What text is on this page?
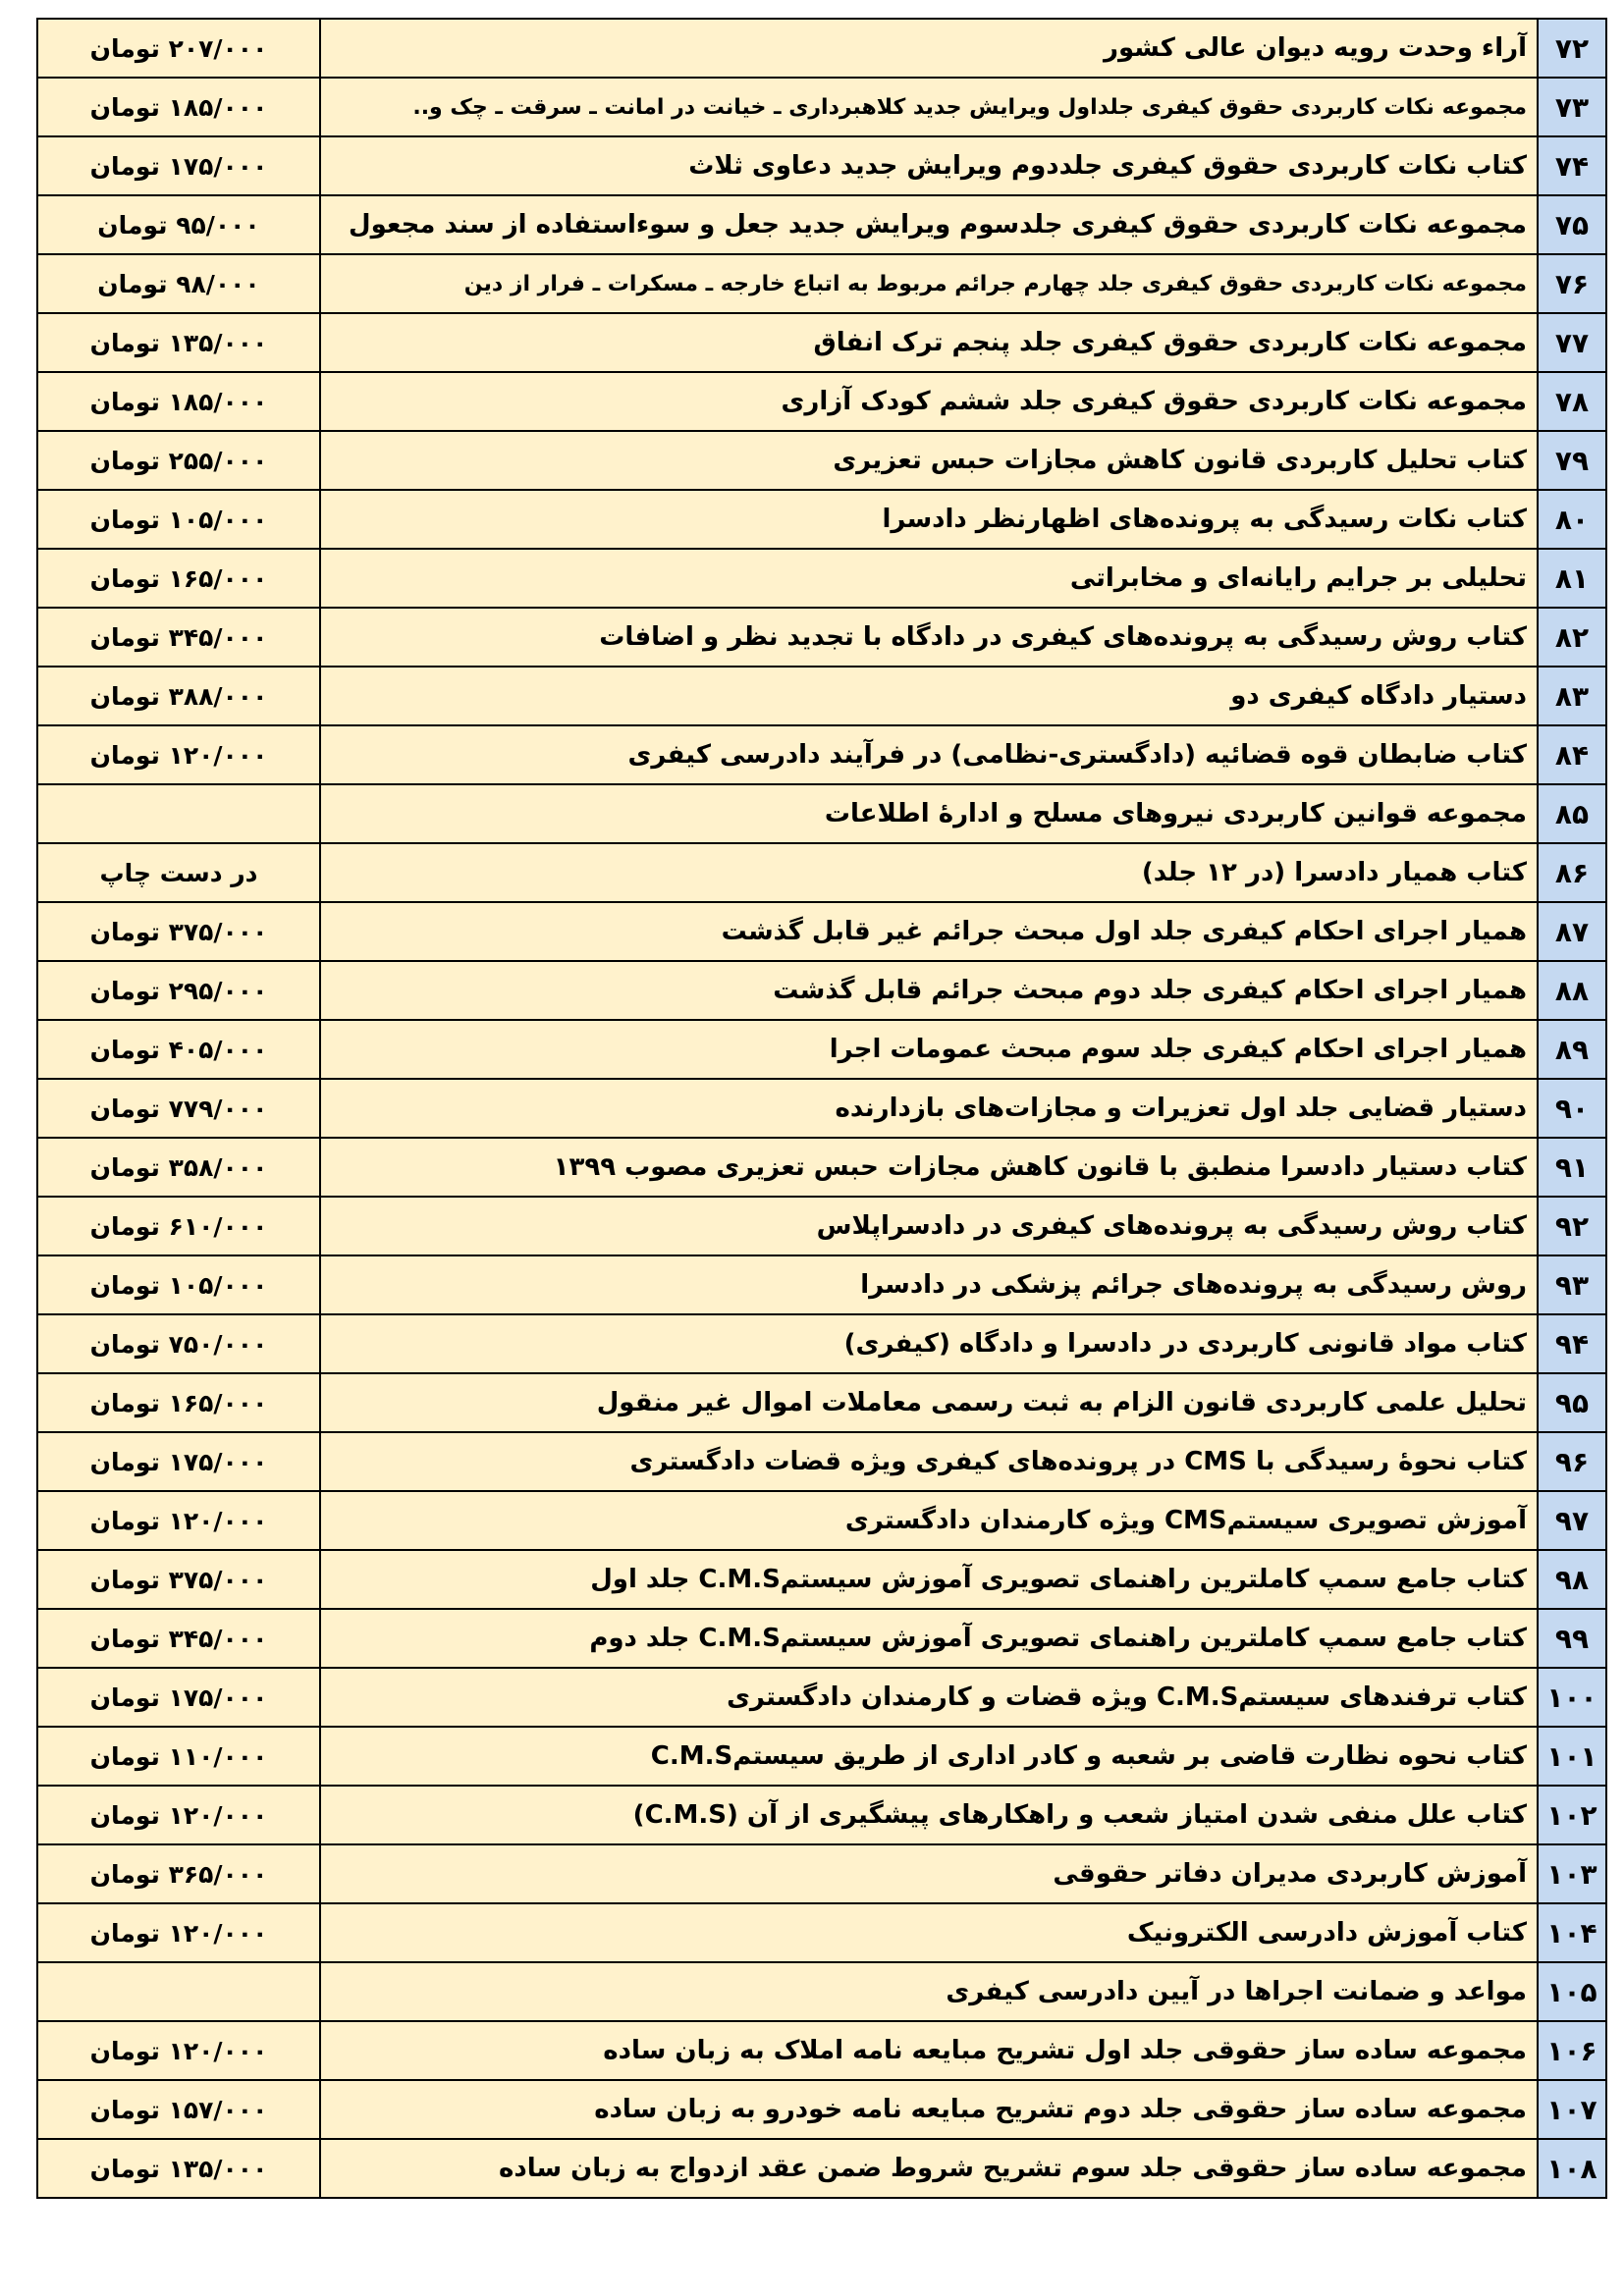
۷۲	آراء وحدت رویه دیوان عالی کشور	۲۰۷/۰۰۰ تومان
۷۳	مجموعه نکات کاربردی حقوق کیفری جلداول ویرایش جدید کلاهبرداری ـ خیانت در امانت ـ سرقت ـ چک و..	۱۸۵/۰۰۰ تومان
۷۴	کتاب نکات کاربردی حقوق کیفری جلددوم ویرایش جدید دعاوی ثلاث	۱۷۵/۰۰۰ تومان
۷۵	مجموعه نکات کاربردی حقوق کیفری جلدسوم ویرایش جدید جعل و سوءاستفاده از سند مجعول	۹۵/۰۰۰ تومان
۷۶	مجموعه نکات کاربردی حقوق کیفری جلد چهارم جرائم مربوط به اتباع خارجه ـ مسکرات ـ فرار از دین	۹۸/۰۰۰ تومان
۷۷	مجموعه نکات کاربردی حقوق کیفری جلد پنجم ترک انفاق	۱۳۵/۰۰۰ تومان
۷۸	مجموعه نکات کاربردی حقوق کیفری جلد ششم کودک آزاری	۱۸۵/۰۰۰ تومان
۷۹	کتاب تحلیل کاربردی قانون کاهش مجازات حبس تعزیری	۲۵۵/۰۰۰ تومان
۸۰	کتاب نکات رسیدگی به پرونده‌های اظهارنظر دادسرا	۱۰۵/۰۰۰ تومان
۸۱	تحلیلی بر جرایم رایانه‌ای و مخابراتی	۱۶۵/۰۰۰ تومان
۸۲	کتاب روش رسیدگی به پرونده‌های کیفری در دادگاه با تجدید نظر و اضافات	۳۴۵/۰۰۰ تومان
۸۳	دستیار دادگاه کیفری دو	۳۸۸/۰۰۰ تومان
۸۴	کتاب ضابطان قوه قضائیه (دادگستری-نظامی) در فرآیند دادرسی کیفری	۱۲۰/۰۰۰ تومان
۸۵	مجموعه قوانین کاربردی نیروهای مسلح و ادارۀ اطلاعات	
۸۶	کتاب همیار دادسرا (در ۱۲ جلد)	در دست چاپ
۸۷	همیار اجرای احکام کیفری جلد اول مبحث جرائم غیر قابل گذشت	۳۷۵/۰۰۰ تومان
۸۸	همیار اجرای احکام کیفری جلد دوم مبحث جرائم قابل گذشت	۲۹۵/۰۰۰ تومان
۸۹	همیار اجرای احکام کیفری جلد سوم مبحث عمومات اجرا	۴۰۵/۰۰۰ تومان
۹۰	دستیار قضایی جلد اول تعزیرات و مجازات‌های بازدارنده	۷۷۹/۰۰۰ تومان
۹۱	کتاب دستیار دادسرا منطبق با قانون کاهش مجازات حبس تعزیری مصوب ۱۳۹۹	۳۵۸/۰۰۰ تومان
۹۲	کتاب روش رسیدگی به پرونده‌های کیفری در دادسراپلاس	۶۱۰/۰۰۰ تومان
۹۳	روش رسیدگی به پرونده‌های جرائم پزشکی در دادسرا	۱۰۵/۰۰۰ تومان
۹۴	کتاب مواد قانونی کاربردی در دادسرا و دادگاه (کیفری)	۷۵۰/۰۰۰ تومان
۹۵	تحلیل علمی کاربردی قانون الزام به ثبت رسمی معاملات اموال غیر منقول	۱۶۵/۰۰۰ تومان
۹۶	کتاب نحوهٔ رسیدگی با CMS در پرونده‌های کیفری ویژه قضات دادگستری	۱۷۵/۰۰۰ تومان
۹۷	آموزش تصویری سیستمCMS ویژه کارمندان دادگستری	۱۲۰/۰۰۰ تومان
۹۸	کتاب جامع سمپ کاملترین راهنمای تصویری آموزش سیستمC.M.S جلد اول	۳۷۵/۰۰۰ تومان
۹۹	کتاب جامع سمپ کاملترین راهنمای تصویری آموزش سیستمC.M.S جلد دوم	۳۴۵/۰۰۰ تومان
۱۰۰	کتاب ترفندهای سیستمC.M.S ویژه قضات و کارمندان دادگستری	۱۷۵/۰۰۰ تومان
۱۰۱	کتاب نحوه نظارت قاضی بر شعبه و کادر اداری از طریق سیستمC.M.S	۱۱۰/۰۰۰ تومان
۱۰۲	کتاب علل منفی شدن امتیاز شعب و راهکارهای پیشگیری از آن (C.M.S)	۱۲۰/۰۰۰ تومان
۱۰۳	آموزش کاربردی مدیران دفاتر حقوقی	۳۶۵/۰۰۰ تومان
۱۰۴	کتاب آموزش دادرسی الکترونیک	۱۲۰/۰۰۰ تومان
۱۰۵	مواعد و ضمانت اجراها در آیین دادرسی کیفری	
۱۰۶	مجموعه ساده ساز حقوقی جلد اول تشریح مبایعه نامه املاک به زبان ساده	۱۲۰/۰۰۰ تومان
۱۰۷	مجموعه ساده ساز حقوقی جلد دوم تشریح مبایعه نامه خودرو به زبان ساده	۱۵۷/۰۰۰ تومان
۱۰۸	مجموعه ساده ساز حقوقی جلد سوم تشریح شروط ضمن عقد ازدواج به زبان ساده	۱۳۵/۰۰۰ تومان
